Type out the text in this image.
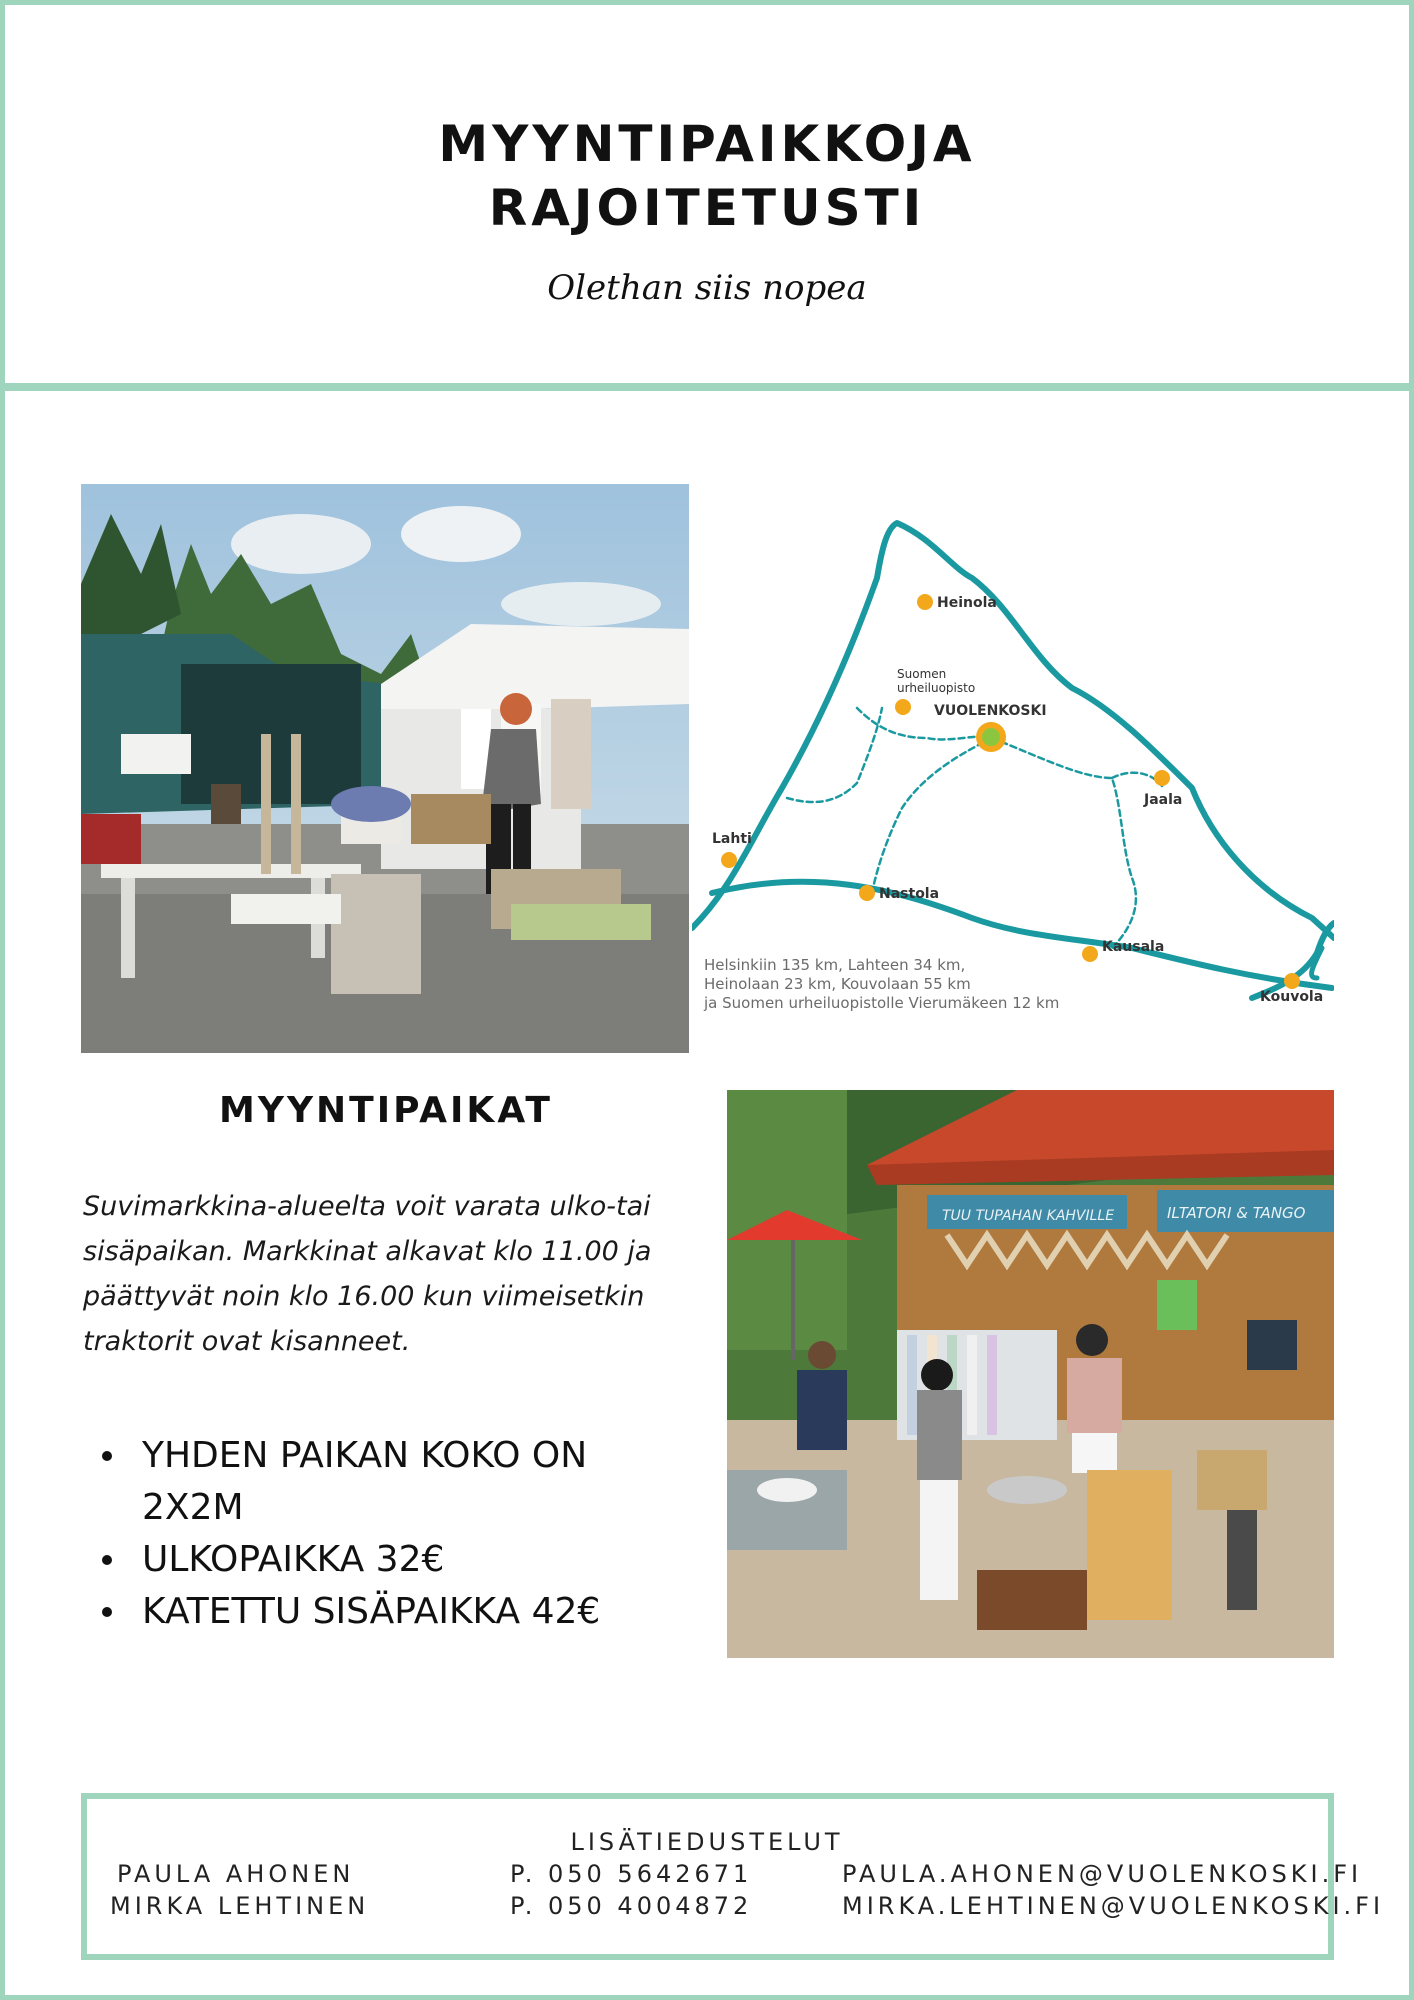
MYYNTIPAIKKOJA
RAJOITETUSTI

Olethan siis nopea

Heinola
Suomen
urheiluopisto
VUOLENKOSKI
Jaala
Lahti
Nastola
Kausala
Kouvola
Helsinkiin 135 km, Lahteen 34 km,
Heinolaan 23 km, Kouvolaan 55 km
ja Suomen urheiluopistolle Vierumäkeen 12 km
MYYNTIPAIKAT

Suvimarkkina-alueelta voit varata ulko-tai sisäpaikan. Markkinat alkavat klo 11.00 ja päättyvät noin klo 16.00 kun viimeisetkin traktorit ovat kisanneet.

YHDEN PAIKAN KOKO ON 2X2M
ULKOPAIKKA 32€
KATETTU SISÄPAIKKA 42€
TUU TUPAHAN KAHVILLE	ILTATORI & TANGO

LISÄTIEDUSTELUT

PAULA AHONEN

MIRKA LEHTINEN

P. 050 5642671

P. 050 4004872

PAULA.AHONEN@VUOLENKOSKI.FI

MIRKA.LEHTINEN@VUOLENKOSKI.FI
